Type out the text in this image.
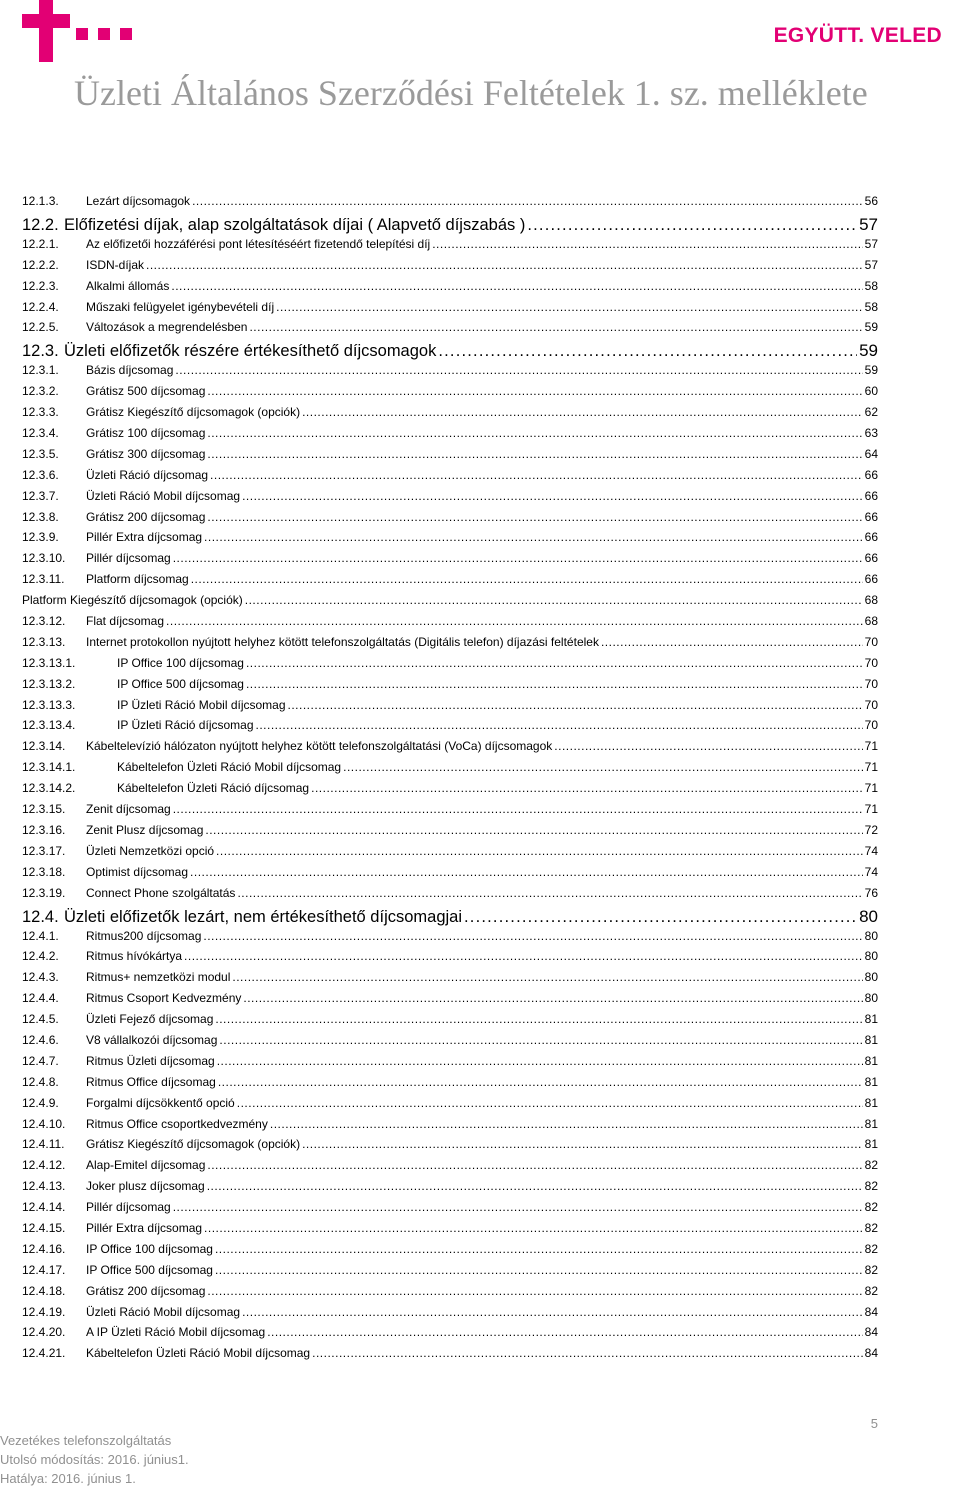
EGYÜTT. VELED
Üzleti Általános Szerződési Feltételek 1. sz. melléklete
12.1.3.	Lezárt díjcsomagok .....	56
12.2. Előfizetési díjak, alap szolgáltatások díjai ( Alapvető díjszabás ) .....	57
12.2.1.	Az előfizetői hozzáférési pont létesítéséért fizetendő telepítési díj .....	57
12.2.2.	ISDN-díjak .....	57
12.2.3.	Alkalmi állomás .....	58
12.2.4.	Műszaki felügyelet igénybevételi díj .....	58
12.2.5.	Változások a megrendelésben .....	59
12.3. Üzleti előfizetők részére értékesíthető díjcsomagok .....	59
12.3.1.	Bázis díjcsomag .....	59
12.3.2.	Grátisz 500 díjcsomag .....	60
12.3.3.	Grátisz Kiegészítő díjcsomagok (opciók) .....	62
12.3.4.	Grátisz 100 díjcsomag .....	63
12.3.5.	Grátisz 300 díjcsomag .....	64
12.3.6.	Üzleti Ráció díjcsomag .....	66
12.3.7.	Üzleti Ráció Mobil díjcsomag .....	66
12.3.8.	Grátisz 200 díjcsomag .....	66
12.3.9.	Pillér Extra díjcsomag .....	66
12.3.10.	Pillér díjcsomag .....	66
12.3.11.	Platform díjcsomag .....	66
Platform Kiegészítő díjcsomagok (opciók) .....	68
12.3.12.	Flat díjcsomag .....	68
12.3.13.	Internet protokollon nyújtott helyhez kötött telefonszolgáltatás (Digitális telefon) díjazási feltételek .....	70
12.3.13.1.	IP Office 100 díjcsomag .....	70
12.3.13.2.	IP Office 500 díjcsomag .....	70
12.3.13.3.	IP Üzleti Ráció Mobil díjcsomag .....	70
12.3.13.4.	IP Üzleti Ráció díjcsomag .....	70
12.3.14.	Kábeltelevízió hálózaton nyújtott helyhez kötött telefonszolgáltatási (VoCa) díjcsomagok .....	71
12.3.14.1.	Kábeltelefon Üzleti Ráció Mobil díjcsomag .....	71
12.3.14.2.	Kábeltelefon Üzleti Ráció díjcsomag .....	71
12.3.15.	Zenit díjcsomag .....	71
12.3.16.	Zenit Plusz díjcsomag .....	72
12.3.17.	Üzleti Nemzetközi opció .....	74
12.3.18.	Optimist díjcsomag .....	74
12.3.19.	Connect Phone szolgáltatás .....	76
12.4. Üzleti előfizetők lezárt, nem értékesíthető díjcsomagjai .....	80
12.4.1.	Ritmus200 díjcsomag .....	80
12.4.2.	Ritmus hívókártya .....	80
12.4.3.	Ritmus+ nemzetközi modul .....	80
12.4.4.	Ritmus Csoport Kedvezmény .....	80
12.4.5.	Üzleti Fejező díjcsomag .....	81
12.4.6.	V8 vállalkozói díjcsomag .....	81
12.4.7.	Ritmus Üzleti díjcsomag .....	81
12.4.8.	Ritmus Office díjcsomag .....	81
12.4.9.	Forgalmi díjcsökkentő opció .....	81
12.4.10.	Ritmus Office csoportkedvezmény .....	81
12.4.11.	Grátisz Kiegészítő díjcsomagok (opciók) .....	81
12.4.12.	Alap-Emitel díjcsomag .....	82
12.4.13.	Joker plusz díjcsomag .....	82
12.4.14.	Pillér díjcsomag .....	82
12.4.15.	Pillér Extra díjcsomag .....	82
12.4.16.	IP Office 100 díjcsomag .....	82
12.4.17.	IP Office 500 díjcsomag .....	82
12.4.18.	Grátisz 200 díjcsomag .....	82
12.4.19.	Üzleti Ráció Mobil díjcsomag .....	84
12.4.20.	A IP Üzleti Ráció Mobil díjcsomag .....	84
12.4.21.	Kábeltelefon Üzleti Ráció Mobil díjcsomag .....	84
5
Vezetékes telefonszolgáltatás
Utolsó módosítás: 2016. június1.
Hatálya: 2016. június 1.
